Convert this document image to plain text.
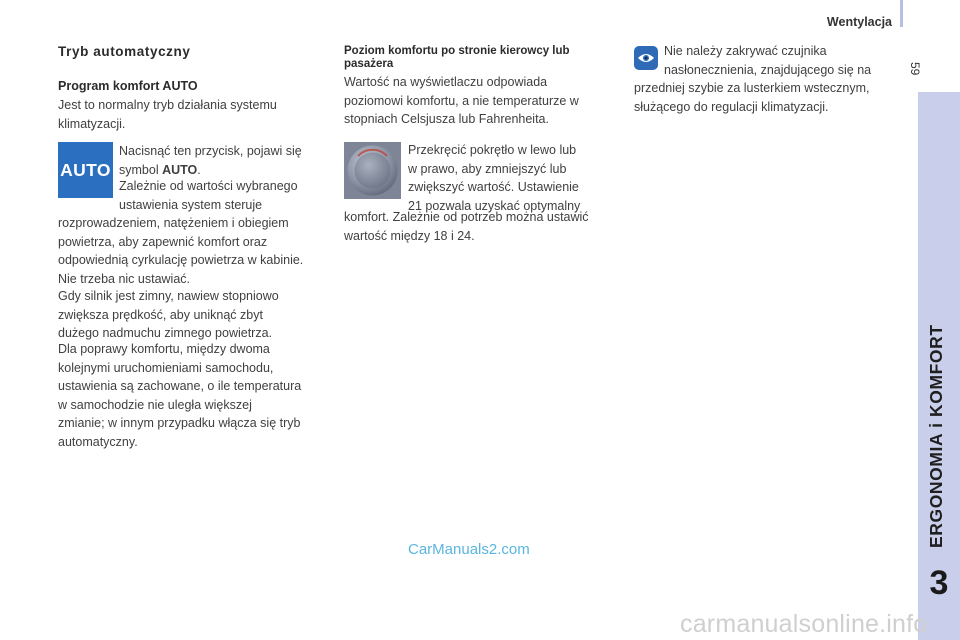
Wentylacja
59
ERGONOMIA i KOMFORT
3
Tryb automatyczny
Program komfort AUTO

Jest to normalny tryb działania systemu

klimatyzacji.

AUTO

Nacisnąć ten przycisk, pojawi się

symbol AUTO.

Zależnie od wartości wybranego

ustawienia system steruje

rozprowadzeniem, natężeniem i obiegiem

powietrza, aby zapewnić komfort oraz

odpowiednią cyrkulację powietrza w kabinie.

Nie trzeba nic ustawiać.

Gdy silnik jest zimny, nawiew stopniowo

zwiększa prędkość, aby uniknąć zbyt

dużego nadmuchu zimnego powietrza.

Dla poprawy komfortu, między dwoma

kolejnymi uruchomieniami samochodu,

ustawienia są zachowane, o ile temperatura

w samochodzie nie uległa większej

zmianie; w innym przypadku włącza się tryb

automatyczny.

Poziom komfortu po stronie kierowcy lub

pasażera

Wartość na wyświetlaczu odpowiada

poziomowi komfortu, a nie temperaturze w

stopniach Celsjusza lub Fahrenheita.

Przekręcić pokrętło w lewo lub

w prawo, aby zmniejszyć lub

zwiększyć wartość. Ustawienie

21 pozwala uzyskać optymalny

komfort. Zależnie od potrzeb można ustawić

wartość między 18 i 24.

Nie należy zakrywać czujnika

nasłonecznienia, znajdującego się na

przedniej szybie za lusterkiem wstecznym,

służącego do regulacji klimatyzacji.

CarManuals2.com
carmanualsonline.info
